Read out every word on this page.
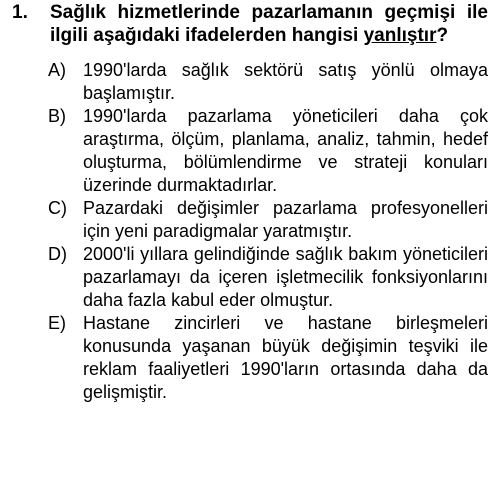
1.	Sağlık hizmetlerinde pazarlamanın geçmişi ile ilgili aşağıdaki ifadelerden hangisi yanlıştır?
A) 1990'larda sağlık sektörü satış yönlü olmaya başlamıştır.
B) 1990'larda pazarlama yöneticileri daha çok araştırma, ölçüm, planlama, analiz, tahmin, hedef oluşturma, bölümlendirme ve strateji konuları üzerinde durmaktadırlar.
C) Pazardaki değişimler pazarlama profesyonelleri için yeni paradigmalar yaratmıştır.
D) 2000'li yıllara gelindiğinde sağlık bakım yöneticileri pazarlamayı da içeren işletmecilik fonksiyonlarını daha fazla kabul eder olmuştur.
E) Hastane zincirleri ve hastane birleşmeleri konusunda yaşanan büyük değişimin teşviki ile reklam faaliyetleri 1990'ların ortasında daha da gelişmiştir.
